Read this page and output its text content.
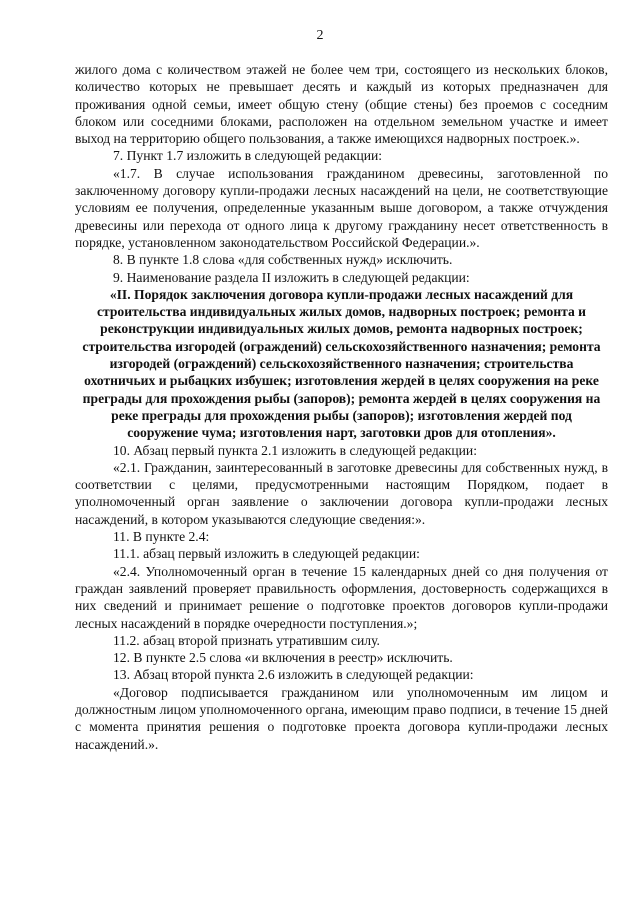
2

жилого дома с количеством этажей не более чем три, состоящего из нескольких блоков, количество которых не превышает десять и каждый из которых предназначен для проживания одной семьи, имеет общую стену (общие стены) без проемов с соседним блоком или соседними блоками, расположен на отдельном земельном участке и имеет выход на территорию общего пользования, а также имеющихся надворных построек.».

7. Пункт 1.7 изложить в следующей редакции:

«1.7. В случае использования гражданином древесины, заготовленной по заключенному договору купли-продажи лесных насаждений на цели, не соответствующие условиям ее получения, определенные указанным выше договором, а также отчуждения древесины или перехода от одного лица к другому гражданину несет ответственность в порядке, установленном законодательством Российской Федерации.».

8. В пункте 1.8 слова «для собственных нужд» исключить.

9. Наименование раздела II изложить в следующей редакции:

«II. Порядок заключения договора купли-продажи лесных насаждений для строительства индивидуальных жилых домов, надворных построек; ремонта и реконструкции индивидуальных жилых домов, ремонта надворных построек; строительства изгородей (ограждений) сельскохозяйственного назначения; ремонта изгородей (ограждений) сельскохозяйственного назначения; строительства охотничьих и рыбацких избушек; изготовления жердей в целях сооружения на реке преграды для прохождения рыбы (запоров); ремонта жердей в целях сооружения на реке преграды для прохождения рыбы (запоров); изготовления жердей под сооружение чума; изготовления нарт, заготовки дров для отопления».

10. Абзац первый пункта 2.1 изложить в следующей редакции:

«2.1. Гражданин, заинтересованный в заготовке древесины для собственных нужд, в соответствии с целями, предусмотренными настоящим Порядком, подает в уполномоченный орган заявление о заключении договора купли-продажи лесных насаждений, в котором указываются следующие сведения:».

11. В пункте 2.4:

11.1. абзац первый изложить в следующей редакции:

«2.4. Уполномоченный орган в течение 15 календарных дней со дня получения от граждан заявлений проверяет правильность оформления, достоверность содержащихся в них сведений и принимает решение о подготовке проектов договоров купли-продажи лесных насаждений в порядке очередности поступления.»;

11.2. абзац второй признать утратившим силу.

12. В пункте 2.5 слова «и включения в реестр» исключить.

13. Абзац второй пункта 2.6 изложить в следующей редакции:

«Договор подписывается гражданином или уполномоченным им лицом и должностным лицом уполномоченного органа, имеющим право подписи, в течение 15 дней с момента принятия решения о подготовке проекта договора купли-продажи лесных насаждений.».
